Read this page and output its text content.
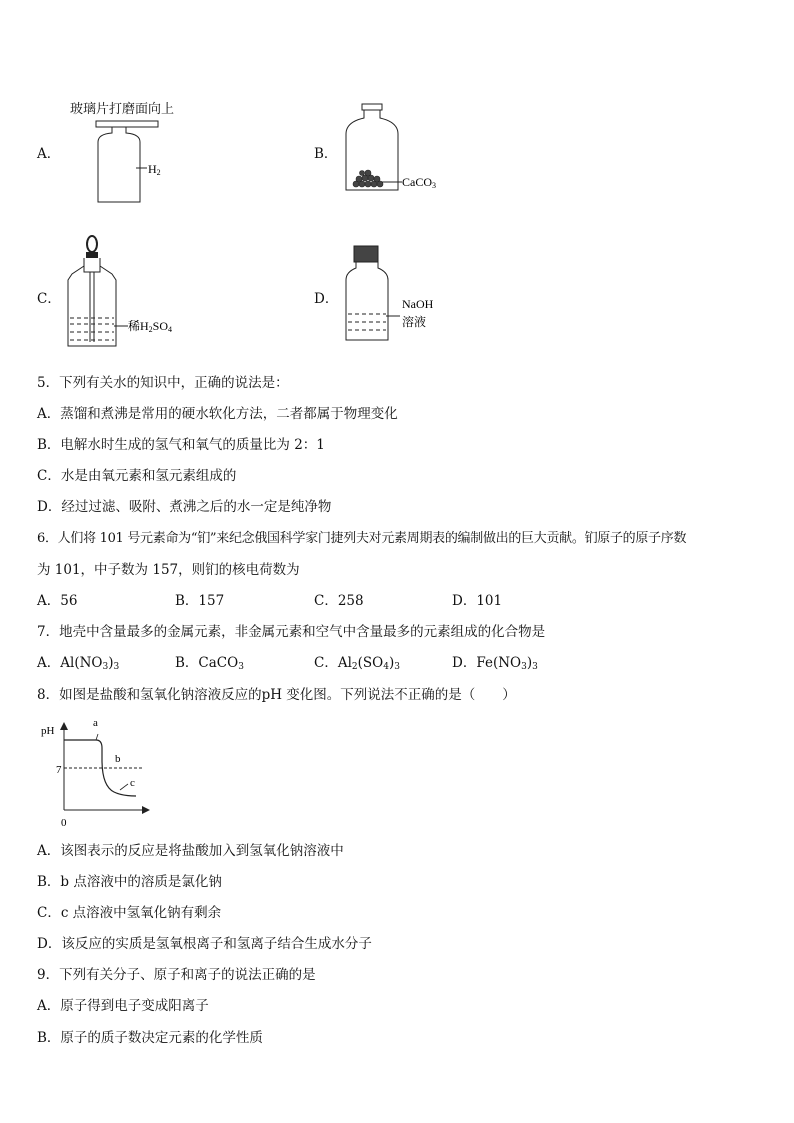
玻璃片打磨面向上
A．
H2
B．
CaCO3
C．
稀H2SO4
D．	NaOH
溶液
5．下列有关水的知识中，正确的说法是：
A．蒸馏和煮沸是常用的硬水软化方法，二者都属于物理变化
B．电解水时生成的氢气和氧气的质量比为 2：1
C．水是由氧元素和氢元素组成的
D．经过过滤、吸附、煮沸之后的水一定是纯净物
6．人们将 101 号元素命为“钔”来纪念俄国科学家门捷列夫对元素周期表的编制做出的巨大贡献。钔原子的原子序数
为 101，中子数为 157，则钔的核电荷数为
A．56	B．157	C．258	D．101
7．地壳中含量最多的金属元素，非金属元素和空气中含量最多的元素组成的化合物是
A．$Al(NO_3)_3$	B．CaCO$_3$	C．$Al_2(SO_4)_3$	D．$Fe(NO_3)_3$
8．如图是盐酸和氢氧化钠溶液反应的pH 变化图。下列说法不正确的是（　　）
pH
7
0
a
b
c
A．该图表示的反应是将盐酸加入到氢氧化钠溶液中
B．b 点溶液中的溶质是氯化钠
C．c 点溶液中氢氧化钠有剩余
D．该反应的实质是氢氧根离子和氢离子结合生成水分子
9．下列有关分子、原子和离子的说法正确的是
A．原子得到电子变成阳离子
B．原子的质子数决定元素的化学性质
